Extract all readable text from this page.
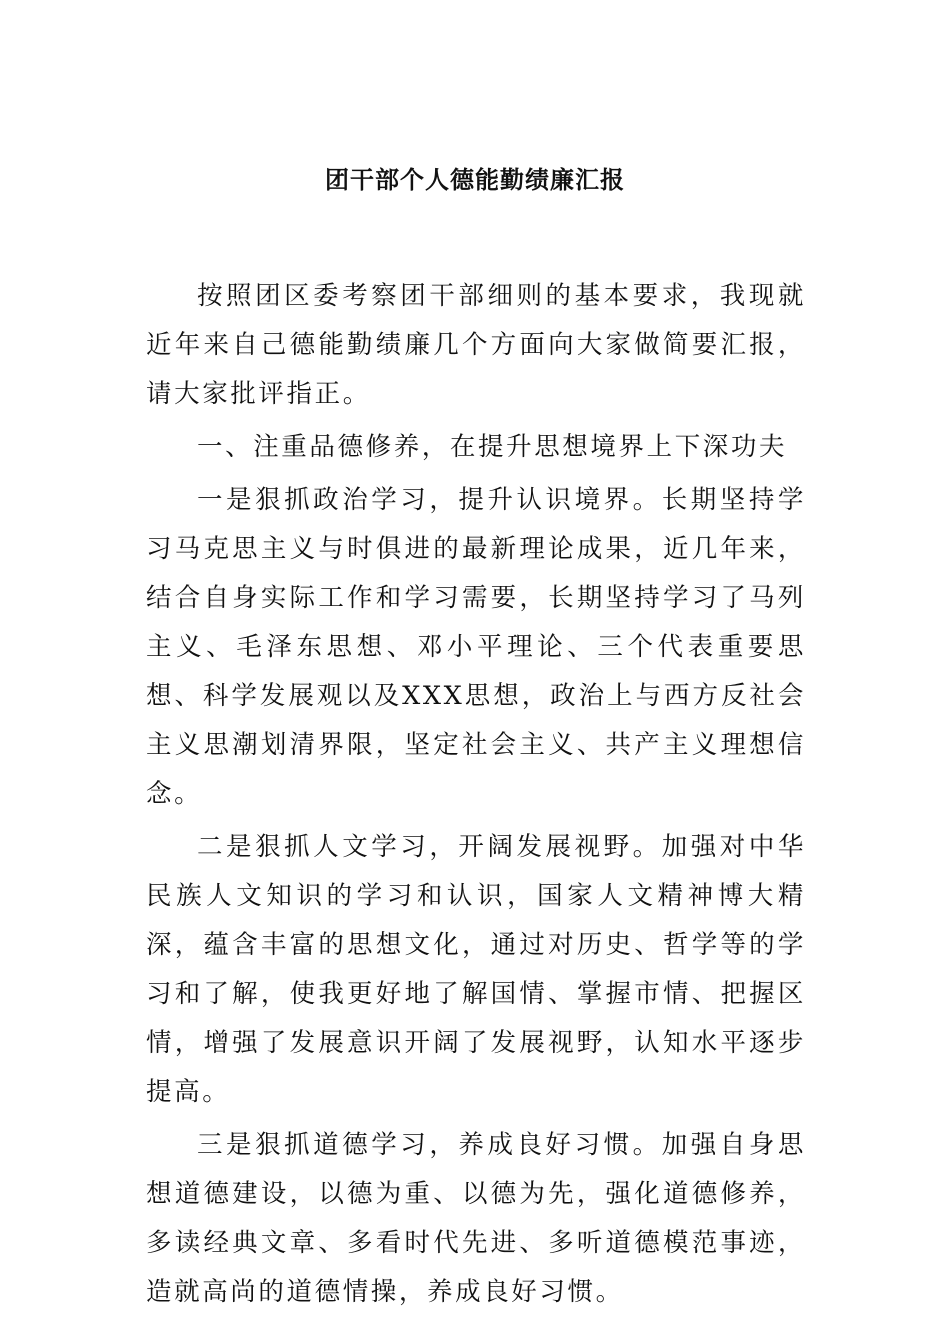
团干部个人德能勤绩廉汇报

按照团区委考察团干部细则的基本要求，我现就近年来自己德能勤绩廉几个方面向大家做简要汇报，请大家批评指正。

一、注重品德修养，在提升思想境界上下深功夫

一是狠抓政治学习，提升认识境界。长期坚持学习马克思主义与时俱进的最新理论成果，近几年来，结合自身实际工作和学习需要，长期坚持学习了马列主义、毛泽东思想、邓小平理论、三个代表重要思想、科学发展观以及XXX思想，政治上与西方反社会主义思潮划清界限，坚定社会主义、共产主义理想信念。

二是狠抓人文学习，开阔发展视野。加强对中华民族人文知识的学习和认识，国家人文精神博大精深，蕴含丰富的思想文化，通过对历史、哲学等的学习和了解，使我更好地了解国情、掌握市情、把握区情，增强了发展意识开阔了发展视野，认知水平逐步提高。

三是狠抓道德学习，养成良好习惯。加强自身思想道德建设，以德为重、以德为先，强化道德修养，多读经典文章、多看时代先进、多听道德模范事迹，造就高尚的道德情操，养成良好习惯。
